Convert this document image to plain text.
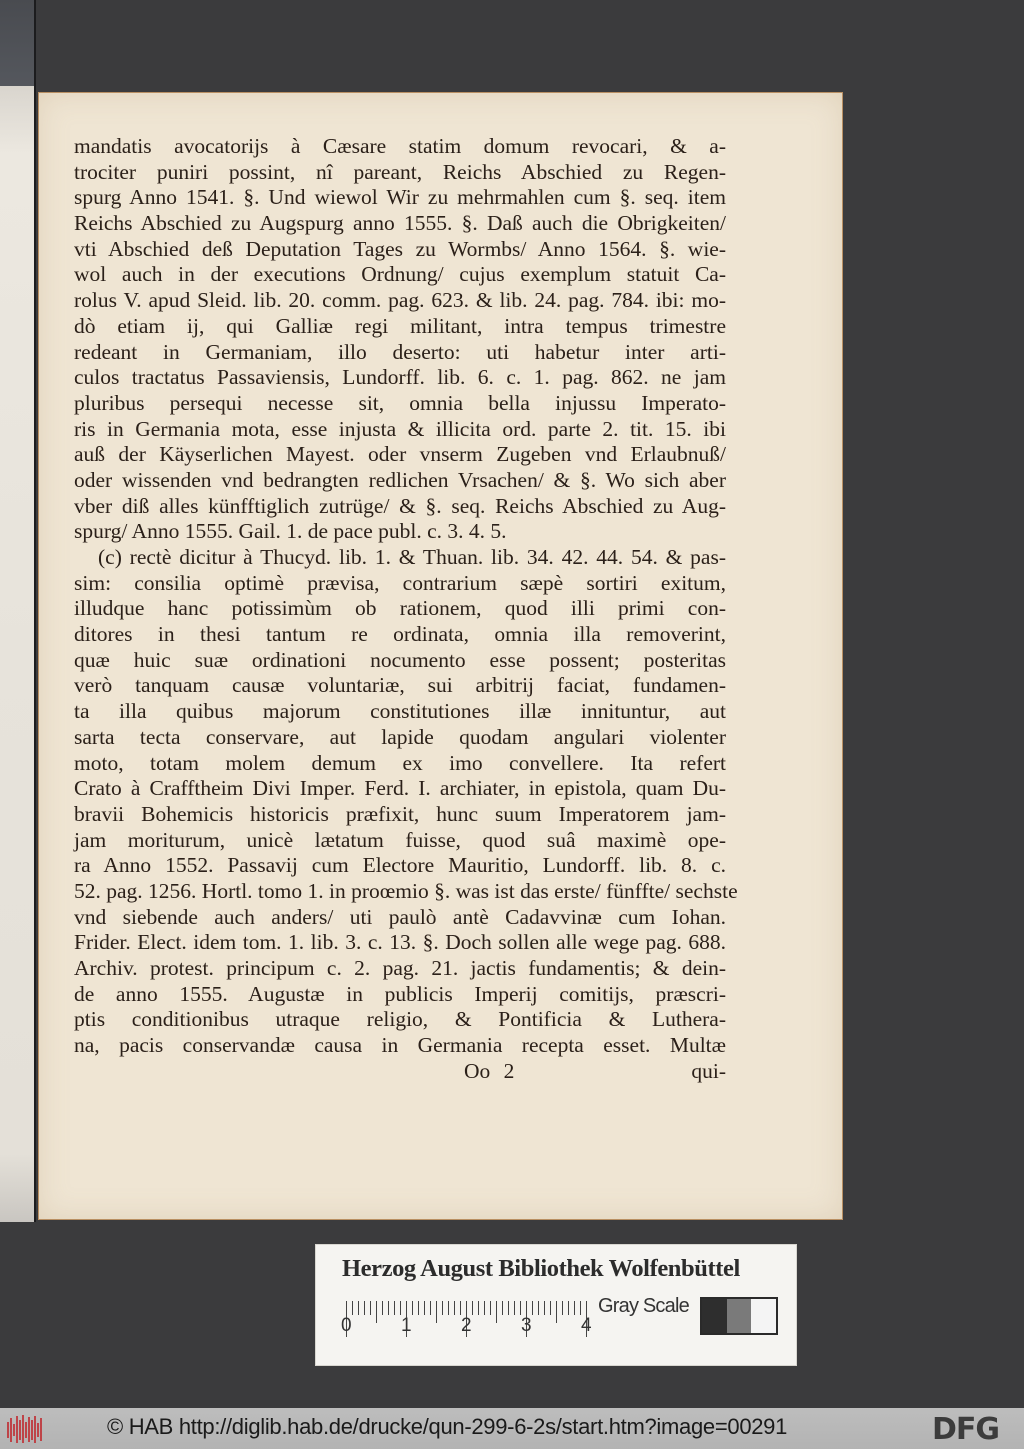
mandatis avocatorijs à Cæsare statim domum revocari, & a-
trociter puniri possint, nî pareant, Reichs Abschied zu Regen-
spurg Anno 1541. §. Und wiewol Wir zu mehrmahlen cum §. seq. item
Reichs Abschied zu Augspurg anno 1555. §. Daß auch die Obrigkeiten/
vti Abschied deß Deputation Tages zu Wormbs/ Anno 1564. §. wie-
wol auch in der executions Ordnung/ cujus exemplum statuit Ca-
rolus V. apud Sleid. lib. 20. comm. pag. 623. & lib. 24. pag. 784. ibi: mo-
dò etiam ij, qui Galliæ regi militant, intra tempus trimestre
redeant in Germaniam, illo deserto: uti habetur inter arti-
culos tractatus Passaviensis, Lundorff. lib. 6. c. 1. pag. 862. ne jam
pluribus persequi necesse sit, omnia bella injussu Imperato-
ris in Germania mota, esse injusta & illicita ord. parte 2. tit. 15. ibi
auß der Käyserlichen Mayest. oder vnserm Zugeben vnd Erlaubnuß/
oder wissenden vnd bedrangten redlichen Vrsachen/ & §. Wo sich aber
vber diß alles künfftiglich zutrüge/ & §. seq. Reichs Abschied zu Aug-
spurg/ Anno 1555. Gail. 1. de pace publ. c. 3. 4. 5.
(c) rectè dicitur à Thucyd. lib. 1. & Thuan. lib. 34. 42. 44. 54. & pas-
sim: consilia optimè prævisa, contrarium sæpè sortiri exitum,
illudque hanc potissimùm ob rationem, quod illi primi con-
ditores in thesi tantum re ordinata, omnia illa removerint,
quæ huic suæ ordinationi nocumento esse possent; posteritas
verò tanquam causæ voluntariæ, sui arbitrij faciat, fundamen-
ta illa quibus majorum constitutiones illæ innituntur, aut
sarta tecta conservare, aut lapide quodam angulari violenter
moto, totam molem demum ex imo convellere. Ita refert
Crato à Crafftheim Divi Imper. Ferd. I. archiater, in epistola, quam Du-
bravii Bohemicis historicis præfixit, hunc suum Imperatorem jam-
jam moriturum, unicè lætatum fuisse, quod suâ maximè ope-
ra Anno 1552. Passavij cum Electore Mauritio, Lundorff. lib. 8. c.
52. pag. 1256. Hortl. tomo 1. in proœmio §. was ist das erste/ fünffte/ sechste
vnd siebende auch anders/ uti paulò antè Cadavvinæ cum Iohan.
Frider. Elect. idem tom. 1. lib. 3. c. 13. §. Doch sollen alle wege pag. 688.
Archiv. protest. principum c. 2. pag. 21. jactis fundamentis; & dein-
de anno 1555. Augustæ in publicis Imperij comitijs, præscri-
ptis conditionibus utraque religio, & Pontificia & Luthera-
na, pacis conservandæ causa in Germania recepta esset. Multæ
Oo 2	qui-
Herzog August Bibliothek Wolfenbüttel
0	1	2	3	4
Gray Scale
© HAB http://diglib.hab.de/drucke/qun-299-6-2s/start.htm?image=00291	DFG
